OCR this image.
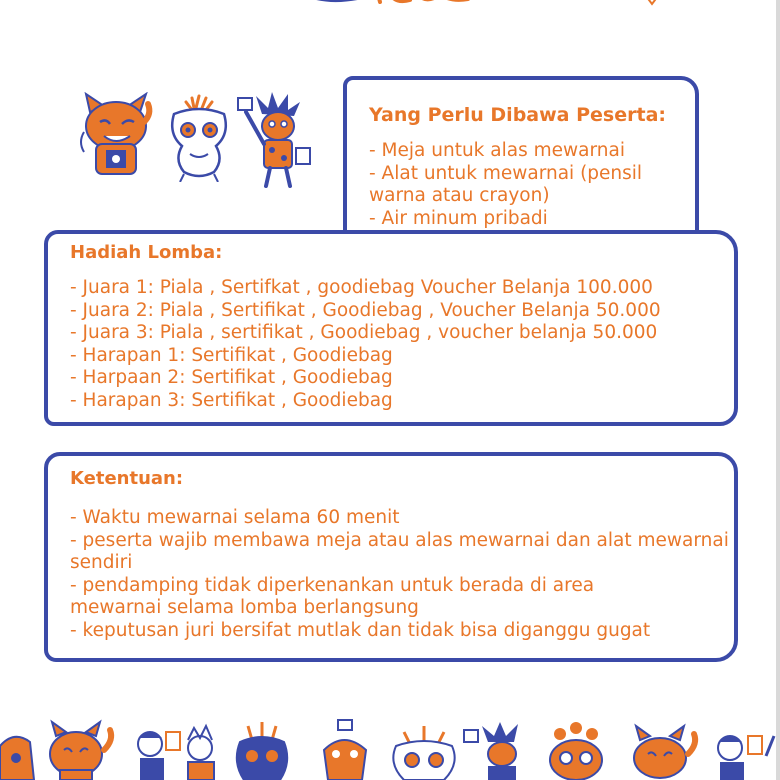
Yang Perlu Dibawa Peserta:
- Meja untuk alas mewarnai
- Alat untuk mewarnai (pensil warna atau crayon)
- Air minum pribadi
Hadiah Lomba:
- Juara 1: Piala , Sertifkat , goodiebag Voucher Belanja 100.000
- Juara 2: Piala , Sertifikat , Goodiebag , Voucher Belanja 50.000
- Juara 3: Piala , sertifikat , Goodiebag , voucher belanja 50.000
- Harapan 1: Sertifikat , Goodiebag
- Harpaan 2: Sertifikat , Goodiebag
- Harapan 3: Sertifikat , Goodiebag
Ketentuan:
- Waktu mewarnai selama 60 menit
- peserta wajib membawa meja atau alas mewarnai dan alat mewarnai sendiri
- pendamping tidak diperkenankan untuk berada di area mewarnai selama lomba berlangsung
- keputusan juri bersifat mutlak dan tidak bisa diganggu gugat
